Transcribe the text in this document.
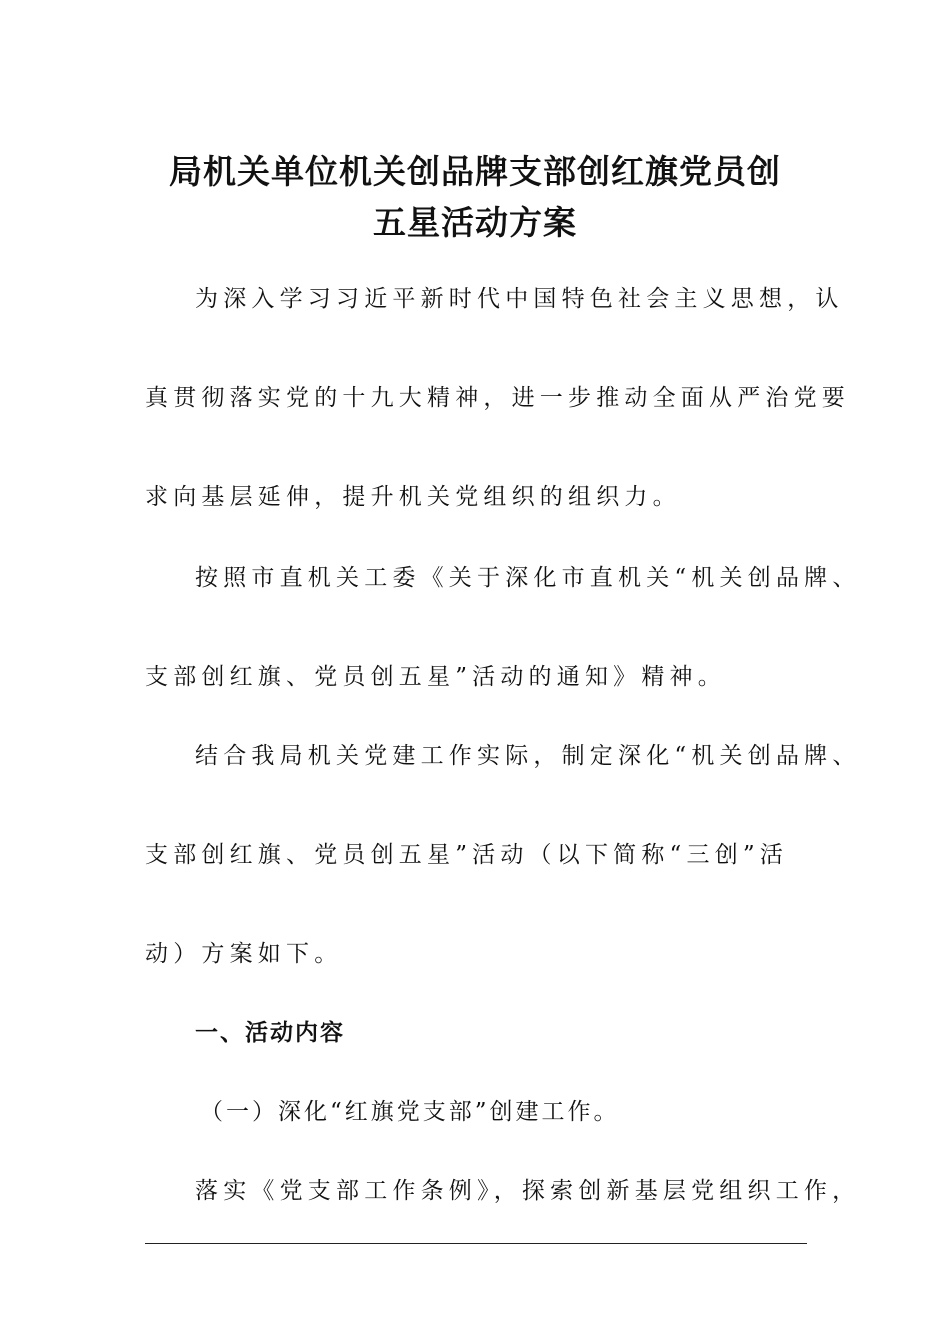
局机关单位机关创品牌支部创红旗党员创
五星活动方案

为深入学习习近平新时代中国特色社会主义思想，认

真贯彻落实党的十九大精神，进一步推动全面从严治党要

求向基层延伸，提升机关党组织的组织力。

按照市直机关工委《关于深化市直机关“机关创品牌、

支部创红旗、党员创五星”活动的通知》精神。

结合我局机关党建工作实际，制定深化“机关创品牌、

支部创红旗、党员创五星”活动（以下简称“三创”活

动）方案如下。

一、活动内容

（一）深化“红旗党支部”创建工作。

落实《党支部工作条例》，探索创新基层党组织工作，
